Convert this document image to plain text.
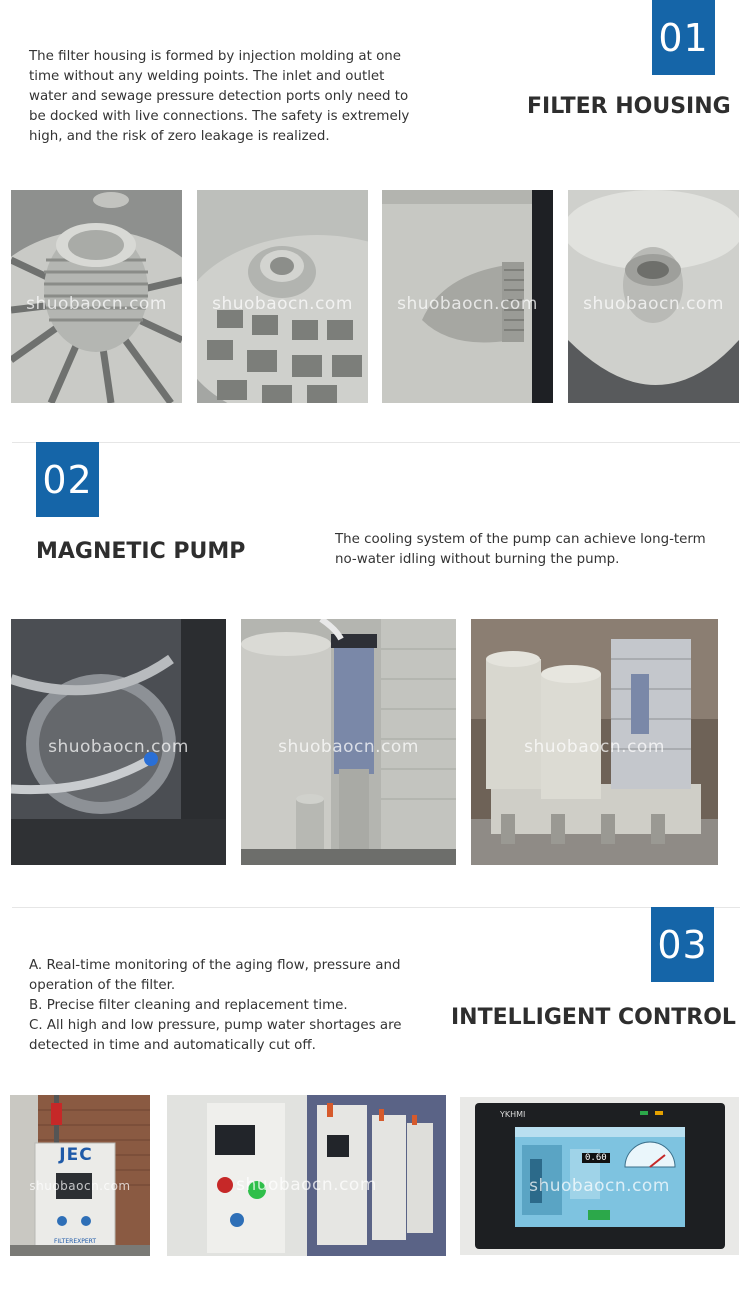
01
The filter housing is formed by injection molding at one time without any welding points. The inlet and outlet water and sewage pressure detection ports only need to be docked with live connections. The safety is extremely high, and the risk of zero leakage is realized.
FILTER HOUSING
shuobaocn.com	shuobaocn.com	shuobaocn.com	shuobaocn.com
02
MAGNETIC PUMP	The cooling system of the pump can achieve long-term no-water idling without burning the pump.
shuobaocn.com	shuobaocn.com	shuobaocn.com
03
A. Real-time monitoring of the aging flow, pressure and operation of the filter.
B. Precise filter cleaning and replacement time.
C. All high and low pressure, pump water shortages are detected in time and automatically cut off.
INTELLIGENT CONTROL
JEC
FILTEREXPERT
shuobaocn.com	shuobaocn.com
YKHMI
0.60
shuobaocn.com
